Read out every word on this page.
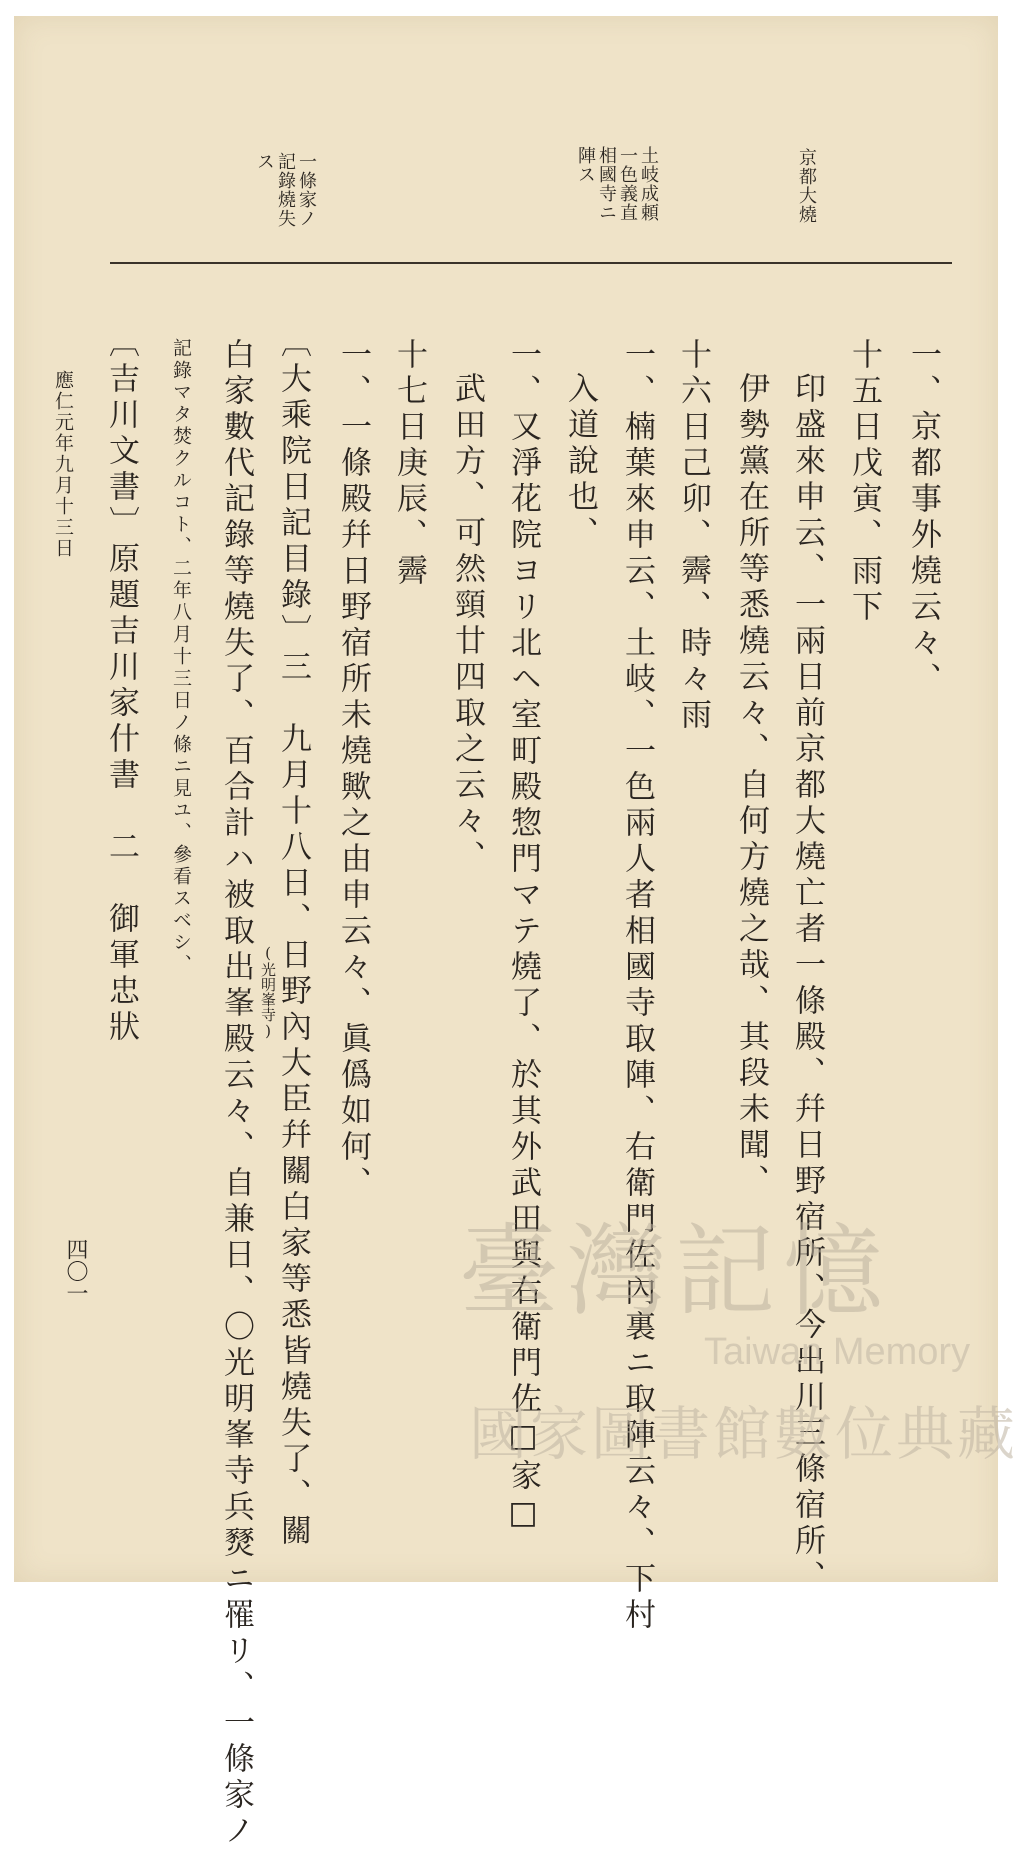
京都大燒
土岐成頼
一色義直
相國寺ニ
陣ス
一條家ノ
記錄燒失
ス
一、京都事外燒云々、
十五日戊寅、雨下
印盛來申云、一兩日前京都大燒亡者一條殿、幷日野宿所、今出川三條宿所、
伊勢黨在所等悉燒云々、自何方燒之哉、其段未聞、
十六日己卯、霽、時々雨
一、楠葉來申云、土岐、一色兩人者相國寺取陣、右衛門佐內裏ニ取陣云々、下村
入道說也、
一、又淨花院ヨリ北ヘ室町殿惣門マテ燒了、於其外武田與右衛門佐□家□
武田方、可然頸廿四取之云々、
十七日庚辰、霽
一、一條殿幷日野宿所未燒歟之由申云々、眞僞如何、
〔大乘院日記目錄〕三　九月十八日、日野內大臣幷關白家等悉皆燒失了、關
白家數代記錄等燒失了、百合計ハ被取出峯殿云々、自兼日、〇光明峯寺兵燹ニ罹リ、一條家ノ
記錄マタ焚クルコト、二年八月十三日ノ條ニ見ユ、參看スベシ、
〔吉川文書〕原題吉川家什書　二　御軍忠狀	(光明峯寺)
應仁元年九月十三日
四〇一	臺灣記憶
Taiwan Memory
國家圖書館數位典藏
